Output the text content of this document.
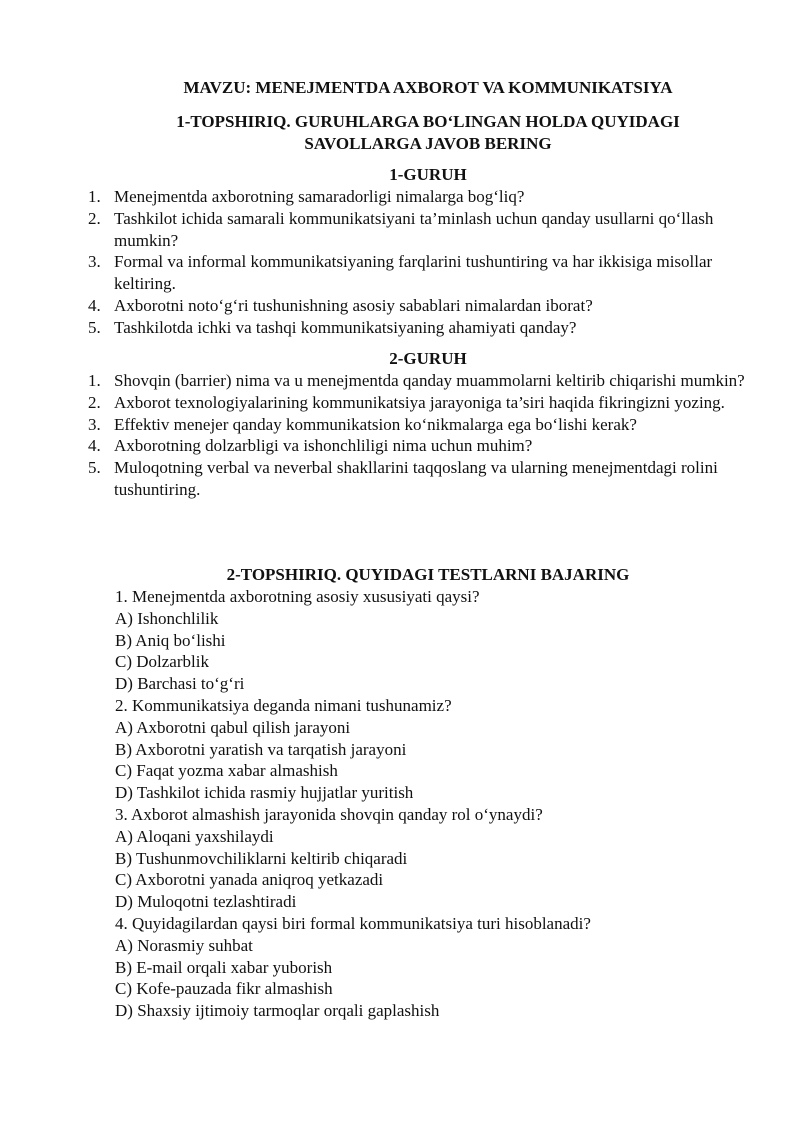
MAVZU: MENEJMENTDA AXBOROT VA KOMMUNIKATSIYA
1-TOPSHIRIQ. GURUHLARGA BO‘LINGAN HOLDA QUYIDAGI
SAVOLLARGA JAVOB BERING
1-GURUH
1. Menejmentda axborotning samaradorligi nimalarga bog‘liq?
2. Tashkilot ichida samarali kommunikatsiyani ta’minlash uchun qanday usullarni qo‘llash mumkin?
3. Formal va informal kommunikatsiyaning farqlarini tushuntiring va har ikkisiga misollar keltiring.
4. Axborotni noto‘g‘ri tushunishning asosiy sabablari nimalardan iborat?
5. Tashkilotda ichki va tashqi kommunikatsiyaning ahamiyati qanday?
2-GURUH
1. Shovqin (barrier) nima va u menejmentda qanday muammolarni keltirib chiqarishi mumkin?
2. Axborot texnologiyalarining kommunikatsiya jarayoniga ta’siri haqida fikringizni yozing.
3. Effektiv menejer qanday kommunikatsion ko‘nikmalarga ega bo‘lishi kerak?
4. Axborotning dolzarbligi va ishonchliligi nima uchun muhim?
5. Muloqotning verbal va neverbal shakllarini taqqoslang va ularning menejmentdagi rolini tushuntiring.
2-TOPSHIRIQ. QUYIDAGI TESTLARNI BAJARING
1. Menejmentda axborotning asosiy xususiyati qaysi?
A) Ishonchlilik
B) Aniq bo‘lishi
C) Dolzarblik
D) Barchasi to‘g‘ri
2. Kommunikatsiya deganda nimani tushunamiz?
A) Axborotni qabul qilish jarayoni
B) Axborotni yaratish va tarqatish jarayoni
C) Faqat yozma xabar almashish
D) Tashkilot ichida rasmiy hujjatlar yuritish
3. Axborot almashish jarayonida shovqin qanday rol o‘ynaydi?
A) Aloqani yaxshilaydi
B) Tushunmovchiliklarni keltirib chiqaradi
C) Axborotni yanada aniqroq yetkazadi
D) Muloqotni tezlashtiradi
4. Quyidagilardan qaysi biri formal kommunikatsiya turi hisoblanadi?
A) Norasmiy suhbat
B) E-mail orqali xabar yuborish
C) Kofe-pauzada fikr almashish
D) Shaxsiy ijtimoiy tarmoqlar orqali gaplashish
